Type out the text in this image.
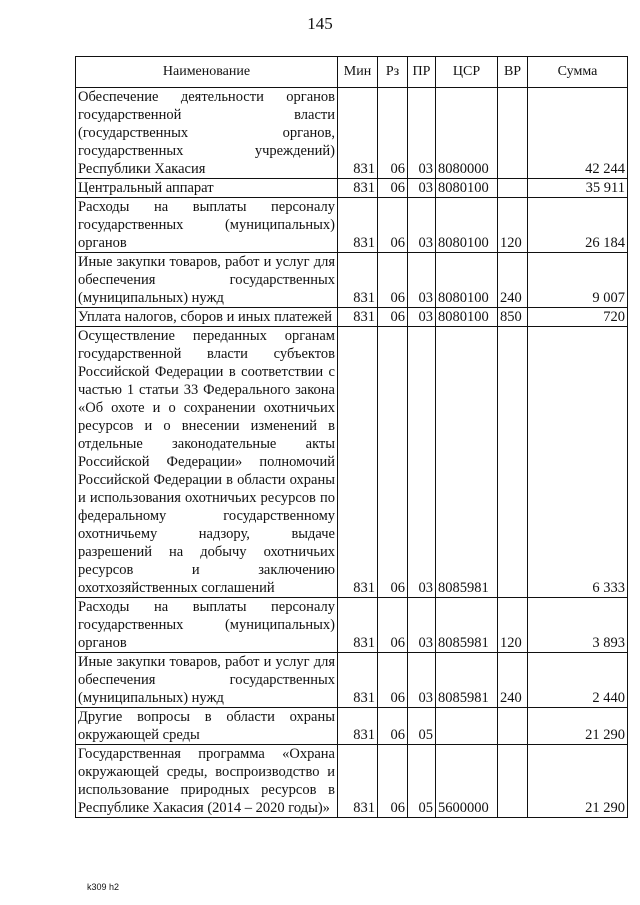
145
Наименование	Мин	Рз	ПР	ЦСР	ВР	Сумма
Обеспечение деятельности органов государственной власти (государственных органов, государственных учреждений) Республики Хакасия	831	06	03	8080000		42 244
Центральный аппарат	831	06	03	8080100		35 911
Расходы на выплаты персоналу государственных (муниципальных) органов	831	06	03	8080100	120	26 184
Иные закупки товаров, работ и услуг для обеспечения государственных (муниципальных) нужд	831	06	03	8080100	240	9 007
Уплата налогов, сборов и иных платежей	831	06	03	8080100	850	720
Осуществление переданных органам государственной власти субъектов Российской Федерации в соответствии с частью 1 статьи 33 Федерального закона «Об охоте и о сохранении охотничьих ресурсов и о внесении изменений в отдельные законодательные акты Российской Федерации» полномочий Российской Федерации в области охраны и использования охотничьих ресурсов по федеральному государственному охотничьему надзору, выдаче разрешений на добычу охотничьих ресурсов и заключению охотхозяйственных соглашений	831	06	03	8085981		6 333
Расходы на выплаты персоналу государственных (муниципальных) органов	831	06	03	8085981	120	3 893
Иные закупки товаров, работ и услуг для обеспечения государственных (муниципальных) нужд	831	06	03	8085981	240	2 440
Другие вопросы в области охраны окружающей среды	831	06	05			21 290
Государственная программа «Охрана окружающей среды, воспроизводство и использование природных ресурсов в Республике Хакасия (2014 – 2020 годы)»	831	06	05	5600000		21 290
k309 h2
